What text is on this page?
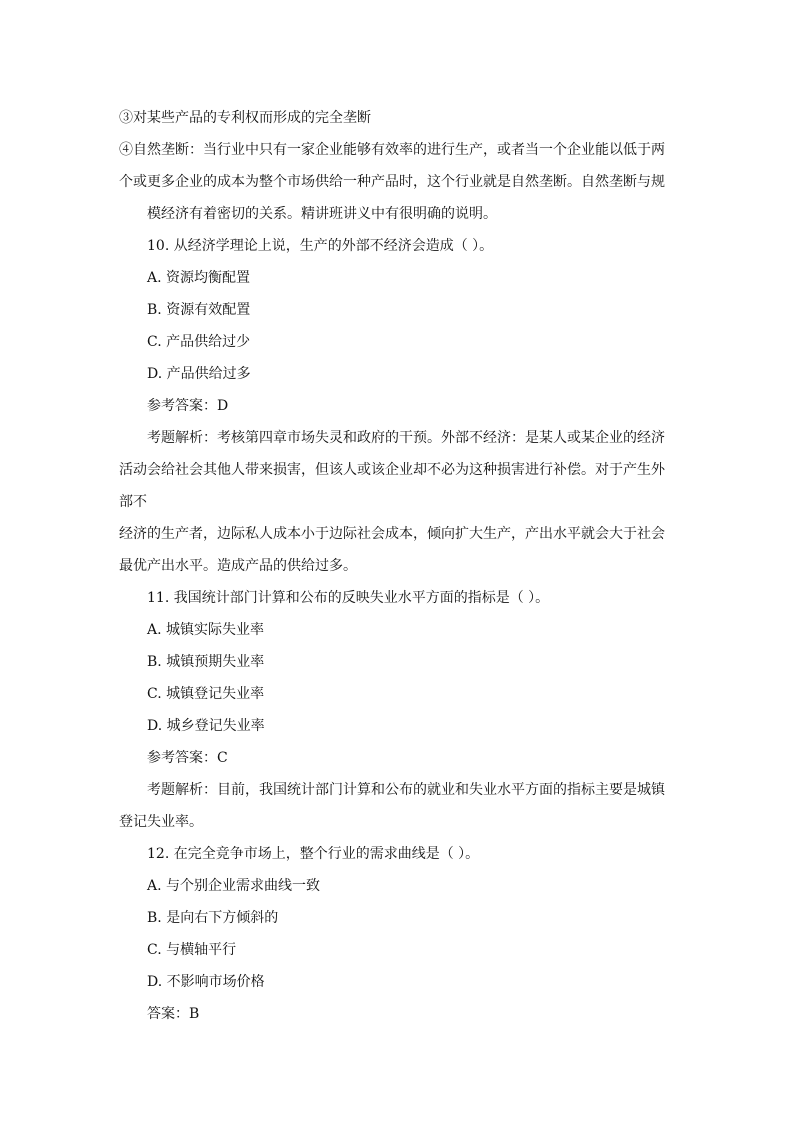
③对某些产品的专利权而形成的完全垄断
④自然垄断：当行业中只有一家企业能够有效率的进行生产，或者当一个企业能以低于两
个或更多企业的成本为整个市场供给一种产品时，这个行业就是自然垄断。自然垄断与规
模经济有着密切的关系。精讲班讲义中有很明确的说明。
10. 从经济学理论上说，生产的外部不经济会造成（ ）。
A. 资源均衡配置
B. 资源有效配置
C. 产品供给过少
D. 产品供给过多
参考答案：D
考题解析：考核第四章市场失灵和政府的干预。外部不经济：是某人或某企业的经济
活动会给社会其他人带来损害，但该人或该企业却不必为这种损害进行补偿。对于产生外
部不
经济的生产者，边际私人成本小于边际社会成本，倾向扩大生产，产出水平就会大于社会
最优产出水平。造成产品的供给过多。
11. 我国统计部门计算和公布的反映失业水平方面的指标是（ ）。
A. 城镇实际失业率
B. 城镇预期失业率
C. 城镇登记失业率
D. 城乡登记失业率
参考答案：C
考题解析：目前，我国统计部门计算和公布的就业和失业水平方面的指标主要是城镇
登记失业率。
12. 在完全竞争市场上，整个行业的需求曲线是（ ）。
A. 与个别企业需求曲线一致
B. 是向右下方倾斜的
C. 与横轴平行
D. 不影响市场价格
答案：B
